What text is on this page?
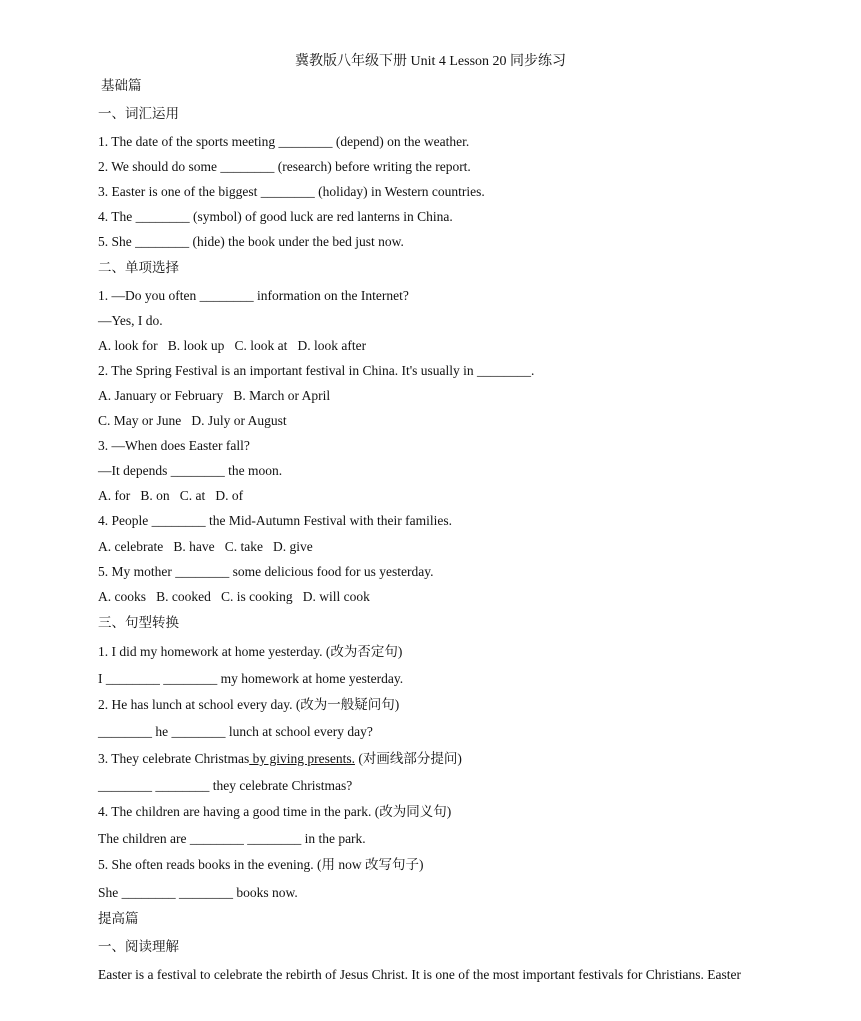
冀教版八年级下册 Unit 4 Lesson 20 同步练习
基础篇
一、词汇运用
1. The date of the sports meeting ________ (depend) on the weather.
2. We should do some ________ (research) before writing the report.
3. Easter is one of the biggest ________ (holiday) in Western countries.
4. The ________ (symbol) of good luck are red lanterns in China.
5. She ________ (hide) the book under the bed just now.
二、单项选择
1. —Do you often ________ information on the Internet?
—Yes, I do.
A. look for   B. look up   C. look at   D. look after
2. The Spring Festival is an important festival in China. It's usually in ________.
A. January or February   B. March or April
C. May or June   D. July or August
3. —When does Easter fall?
—It depends ________ the moon.
A. for   B. on   C. at   D. of
4. People ________ the Mid-Autumn Festival with their families.
A. celebrate   B. have   C. take   D. give
5. My mother ________ some delicious food for us yesterday.
A. cooks   B. cooked   C. is cooking   D. will cook
三、句型转换
1. I did my homework at home yesterday. (改为否定句)
I ________ ________ my homework at home yesterday.
2. He has lunch at school every day. (改为一般疑问句)
________ he ________ lunch at school every day?
3. They celebrate Christmas by giving presents. (对画线部分提问)
________ ________ they celebrate Christmas?
4. The children are having a good time in the park. (改为同义句)
The children are ________ ________ in the park.
5. She often reads books in the evening. (用 now 改写句子)
She ________ ________ books now.
提高篇
一、阅读理解
Easter is a festival to celebrate the rebirth of Jesus Christ. It is one of the most important festivals for Christians. Easter
